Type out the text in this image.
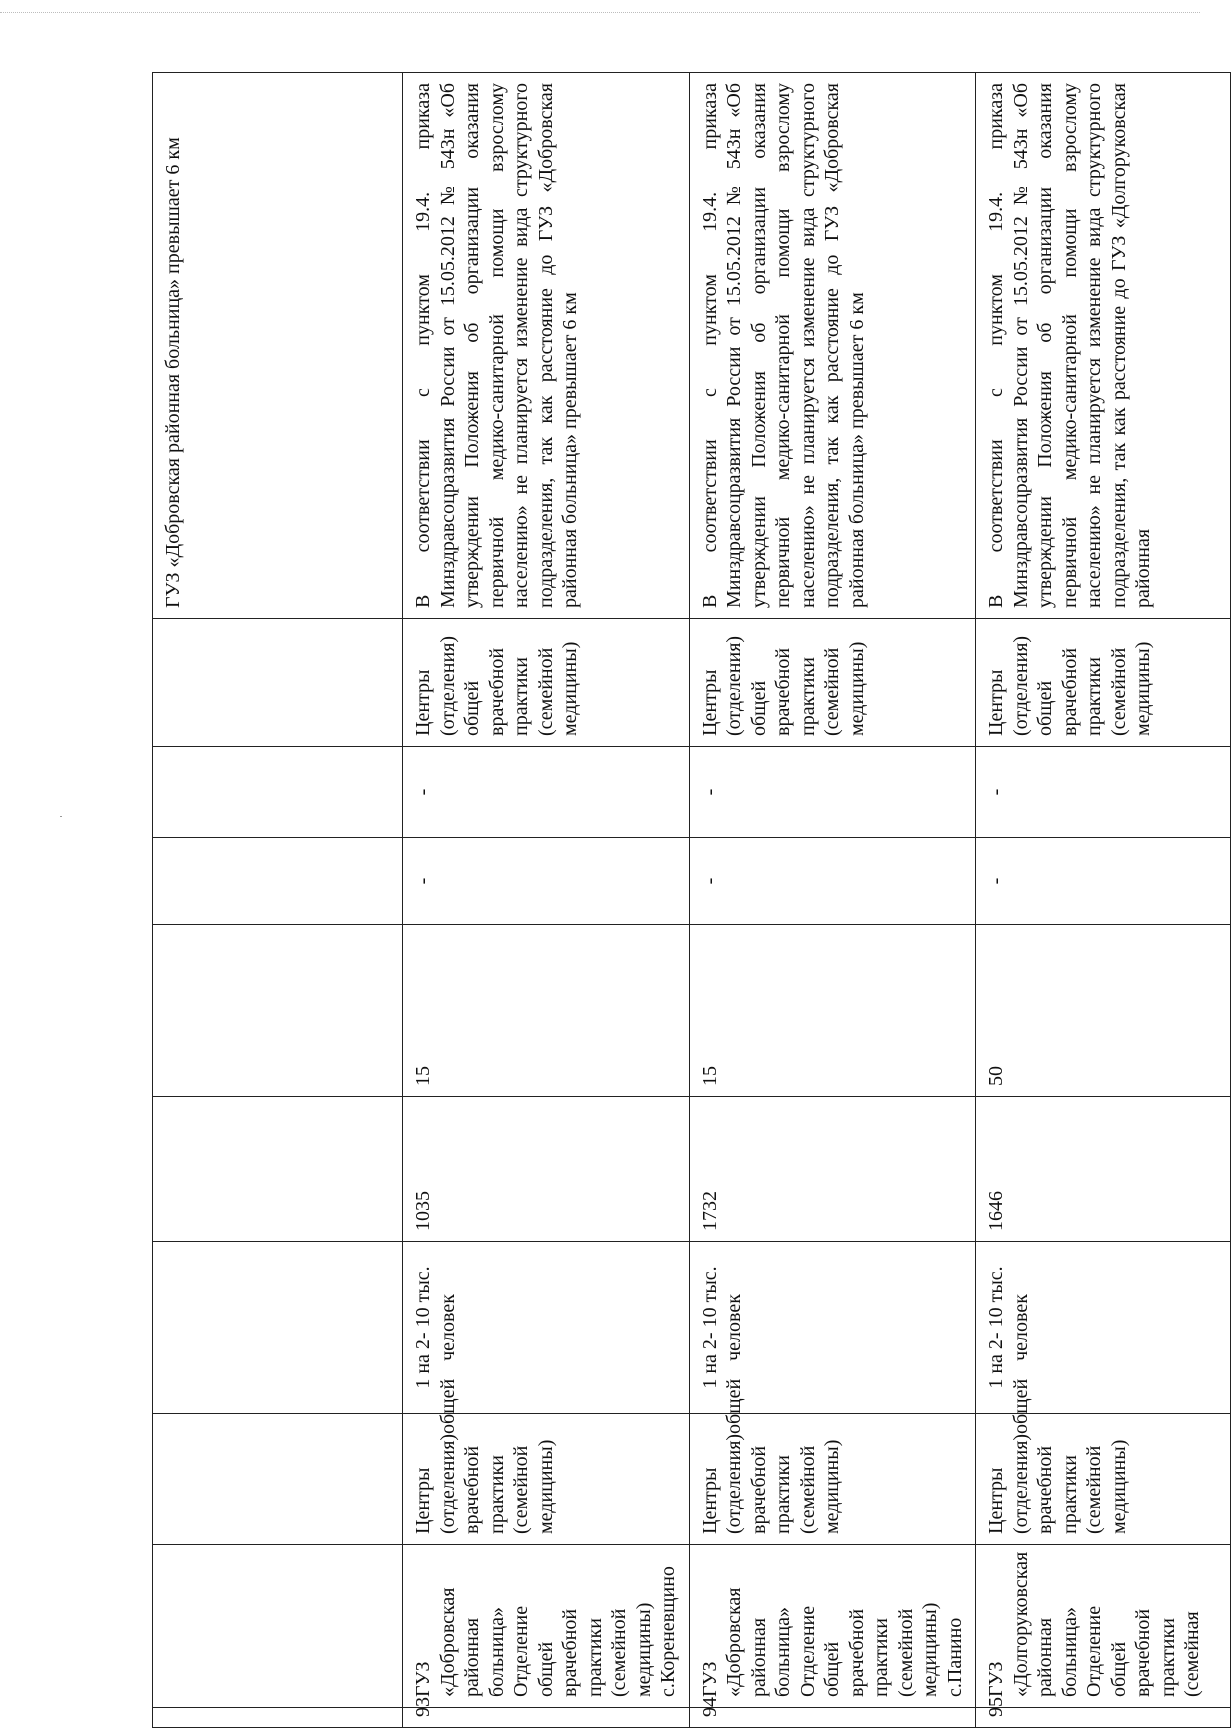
									ГУЗ «Добровская районная больница» превышает 6 км
93	ГУЗ «Добровская районная больница» Отделение общей врачебной практики (семейной медицины) с.Кореневщино	Центры (отделения)общей врачебной практики (семейной медицины)	1 на 2- 10 тыс. человек	1035	15	-	-	Центры (отделения) общей врачебной практики (семейной медицины)	В соответствии с пунктом 19.4. приказа Минздравсоцразвития России от 15.05.2012 № 543н «Об утверждении Положения об организации оказания первичной медико-санитарной помощи взрослому населению» не планируется изменение вида структурного подразделения, так как расстояние до ГУЗ «Добровская районная больница» превышает 6 км
94	ГУЗ «Добровская районная больница» Отделение общей врачебной практики (семейной медицины) с.Панино	Центры (отделения)общей врачебной практики (семейной медицины)	1 на 2- 10 тыс. человек	1732	15	-	-	Центры (отделения) общей врачебной практики (семейной медицины)	В соответствии с пунктом 19.4. приказа Минздравсоцразвития России от 15.05.2012 № 543н «Об утверждении Положения об организации оказания первичной медико-санитарной помощи взрослому населению» не планируется изменение вида структурного подразделения, так как расстояние до ГУЗ «Добровская районная больница» превышает 6 км
95	ГУЗ «Долгоруковская районная больница» Отделение общей врачебной практики (семейная	Центры (отделения)общей врачебной практики (семейной медицины)	1 на 2- 10 тыс. человек	1646	50	-	-	Центры (отделения) общей врачебной практики (семейной медицины)	В соответствии с пунктом 19.4. приказа Минздравсоцразвития России от 15.05.2012 № 543н «Об утверждении Положения об организации оказания первичной медико-санитарной помощи взрослому населению» не планируется изменение вида структурного подразделения, так как расстояние до ГУЗ «Долгоруковская районная
